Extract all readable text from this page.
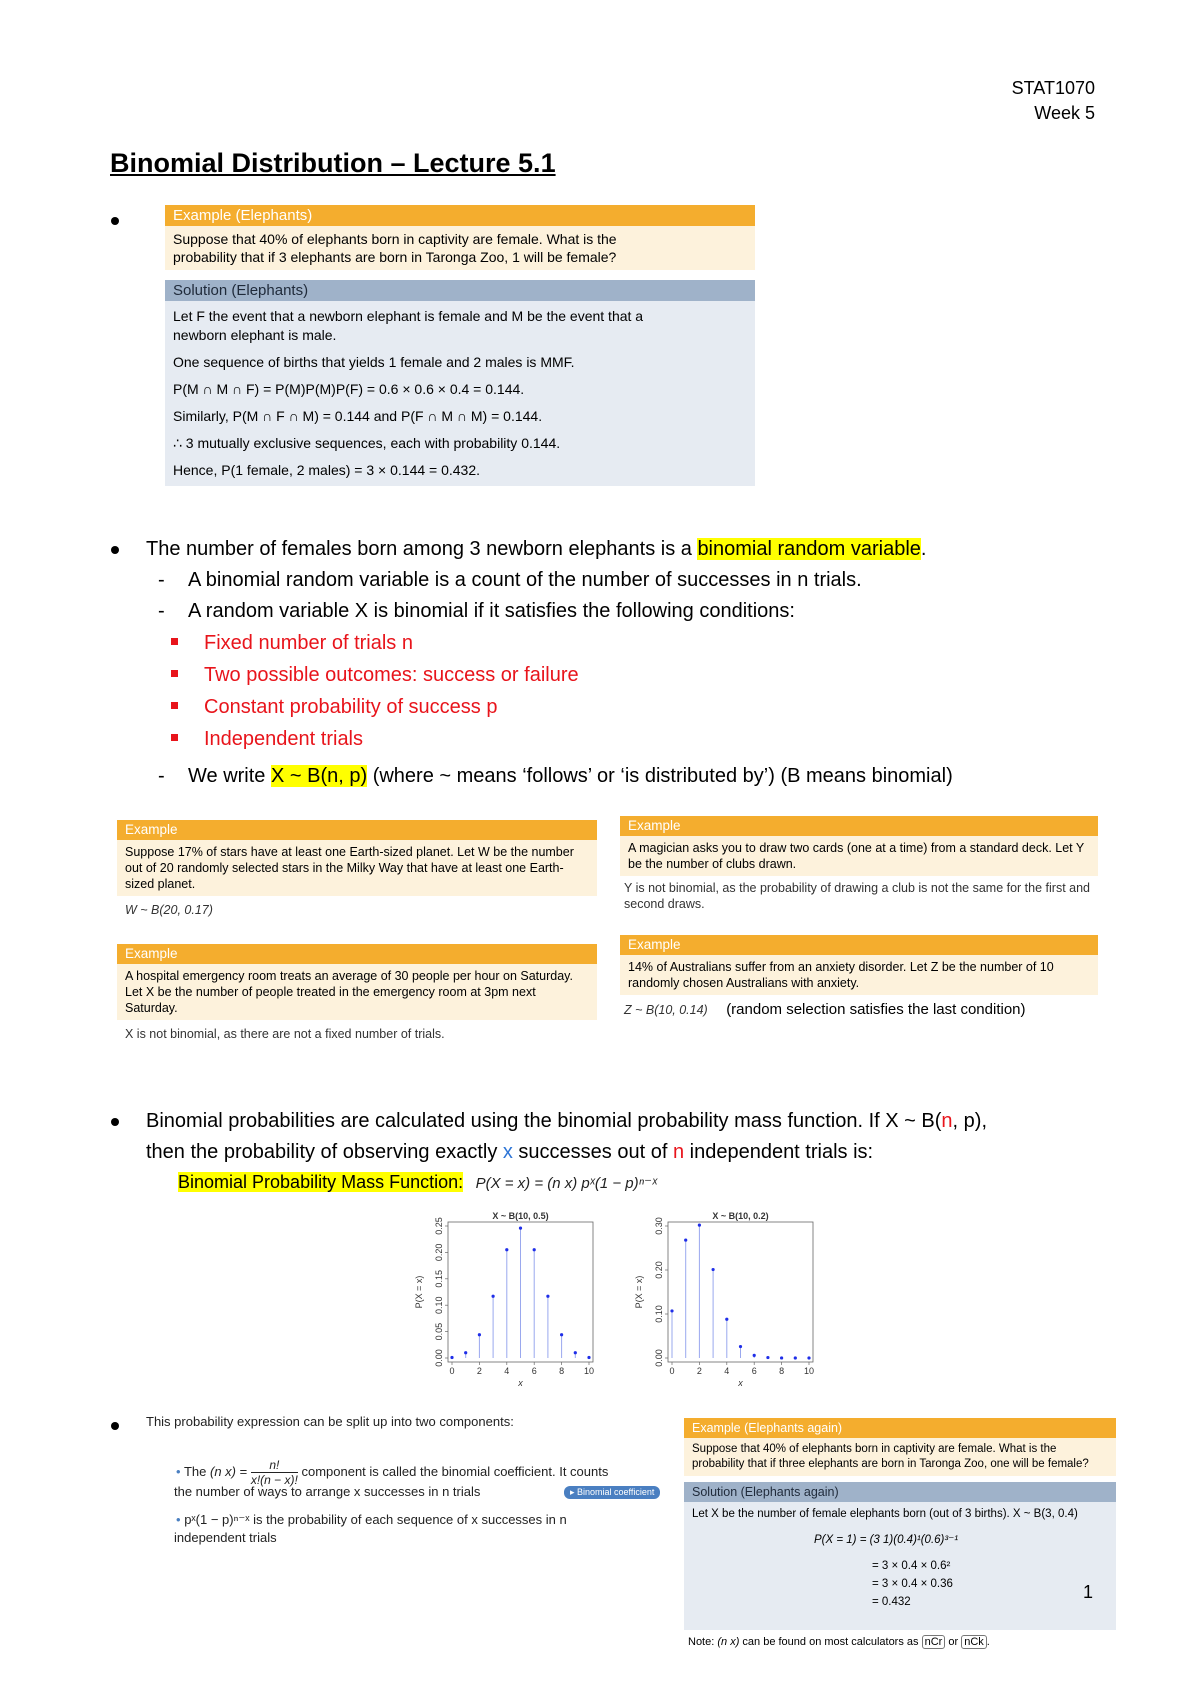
STAT1070
Week 5
Binomial Distribution – Lecture 5.1
Example (Elephants)
Suppose that 40% of elephants born in captivity are female. What is the
probability that if 3 elephants are born in Taronga Zoo, 1 will be female?
Solution (Elephants)
Let F the event that a newborn elephant is female and M be the event that a
newborn elephant is male.
One sequence of births that yields 1 female and 2 males is MMF.
P(M ∩ M ∩ F) = P(M)P(M)P(F) = 0.6 × 0.6 × 0.4 = 0.144.
Similarly, P(M ∩ F ∩ M) = 0.144 and P(F ∩ M ∩ M) = 0.144.
∴ 3 mutually exclusive sequences, each with probability 0.144.
Hence, P(1 female, 2 males) = 3 × 0.144 = 0.432.
The number of females born among 3 newborn elephants is a binomial random variable.
- A binomial random variable is a count of the number of successes in n trials.
- A random variable X is binomial if it satisfies the following conditions:
Fixed number of trials n
Two possible outcomes: success or failure
Constant probability of success p
Independent trials
- We write X ~ B(n, p) (where ~ means ‘follows’ or ‘is distributed by’) (B means binomial)
Example
Suppose 17% of stars have at least one Earth-sized planet. Let W be the number out of 20 randomly selected stars in the Milky Way that have at least one Earth-sized planet.
W ~ B(20, 0.17)
Example
A hospital emergency room treats an average of 30 people per hour on Saturday. Let X be the number of people treated in the emergency room at 3pm next Saturday.
X is not binomial, as there are not a fixed number of trials.
Example
A magician asks you to draw two cards (one at a time) from a standard deck. Let Y be the number of clubs drawn.
Y is not binomial, as the probability of drawing a club is not the same for the first and second draws.
Example
14% of Australians suffer from an anxiety disorder. Let Z be the number of 10 randomly chosen Australians with anxiety.
Z ~ B(10, 0.14) (random selection satisfies the last condition)
Binomial probabilities are calculated using the binomial probability mass function. If X ~ B(n, p),
then the probability of observing exactly x successes out of n independent trials is:
Binomial Probability Mass Function: P(X = x) = (n x) pˣ(1 − p)ⁿ⁻ˣ
X ~ B(10, 0.5)
0 2 4 6 8 10
0.00
0.05
0.10
0.15
0.20
0.25
x
P(X = x)
X ~ B(10, 0.2)
0 2 4 6 8 10
0.00
0.10
0.20
0.30
x
P(X = x)
This probability expression can be split up into two components:
• The (n $x) = \frac{n!}{x!(n - x)!}$ component is called the binomial coefficient. It counts
the number of ways to arrange x successes in n trials	▸ Binomial coefficient
• pˣ(1 − p)ⁿ⁻ˣ is the probability of each sequence of x successes in n
independent trials
Example (Elephants again)
Suppose that 40% of elephants born in captivity are female. What is the
probability that if three elephants are born in Taronga Zoo, one will be female?
Solution (Elephants again)
Let X be the number of female elephants born (out of 3 births). X ~ B(3, 0.4)
P(X = 1) = (3 1)(0.4)¹(0.6)³⁻¹
= 3 × 0.4 × 0.6²
= 3 × 0.4 × 0.36
= 0.432
Note: (n x) can be found on most calculators as nCr or nCk .
1
